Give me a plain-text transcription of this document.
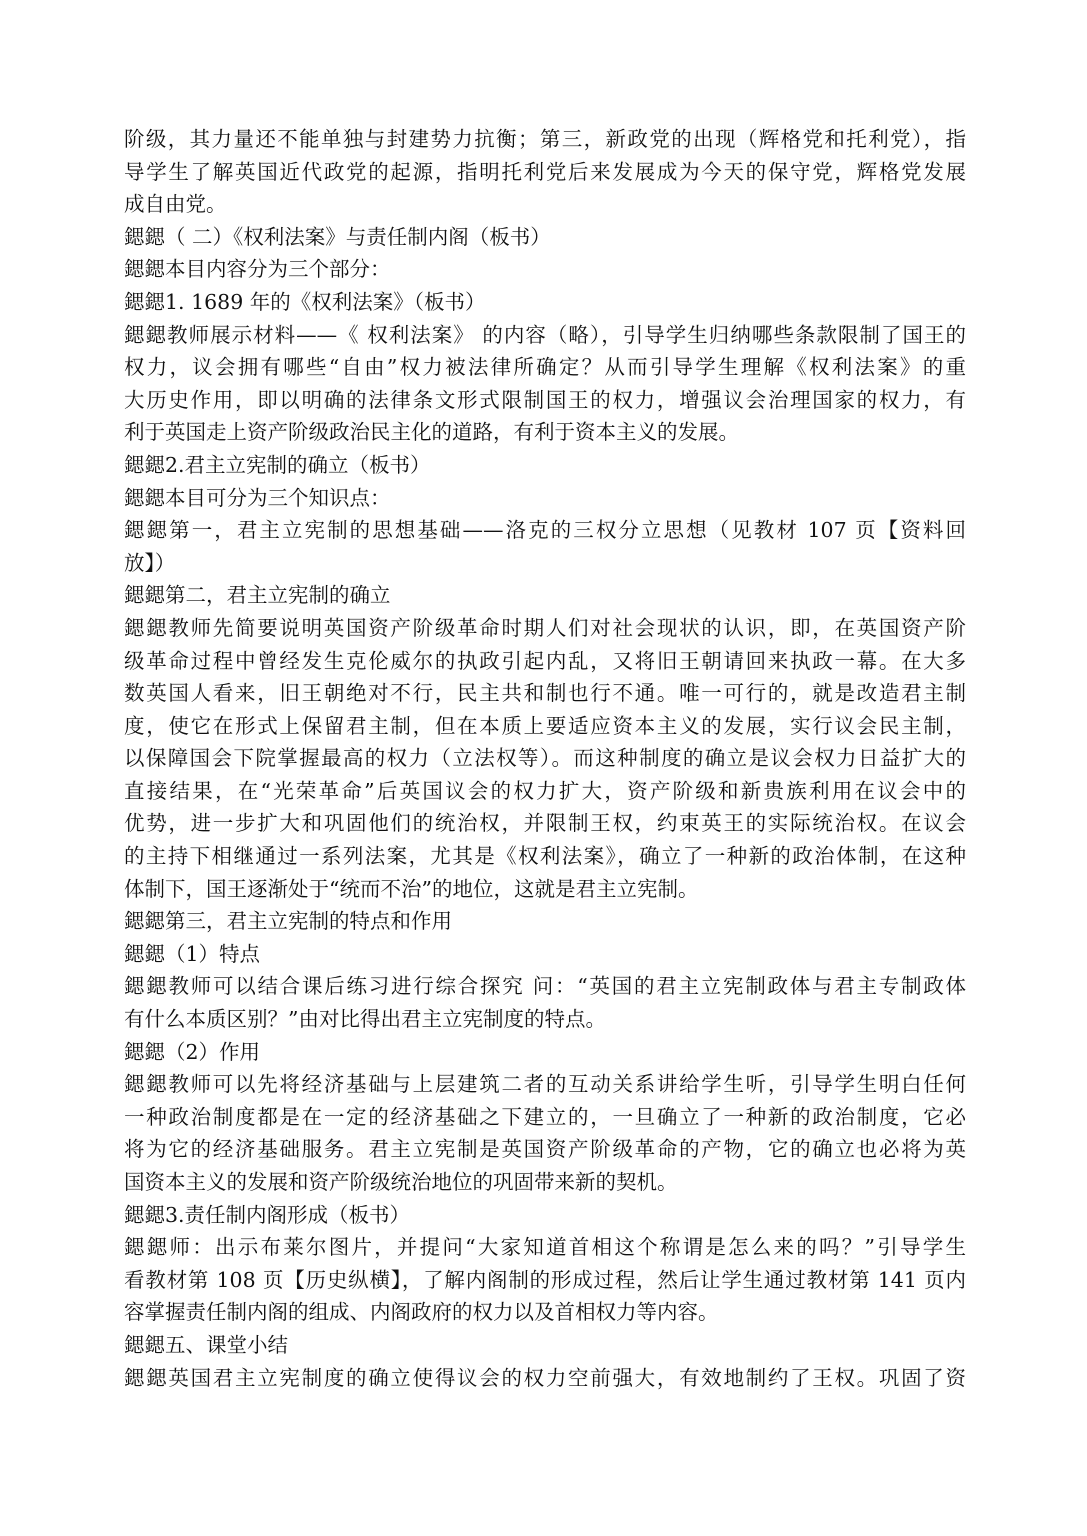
阶级，其力量还不能单独与封建势力抗衡；第三，新政党的出现（辉格党和托利党），指
导学生了解英国近代政党的起源，指明托利党后来发展成为今天的保守党，辉格党发展
成自由党。
鍶鍶（ 二）《权利法案》与责任制内阁（板书）
鍶鍶本目内容分为三个部分：
鍶鍶1. 1689 年的《权利法案》（板书）
鍶鍶教师展示材料——《 权利法案》 的内容（略），引导学生归纳哪些条款限制了国王的
权力，议会拥有哪些“自由”权力被法律所确定？从而引导学生理解《权利法案》的重
大历史作用，即以明确的法律条文形式限制国王的权力，增强议会治理国家的权力，有
利于英国走上资产阶级政治民主化的道路，有利于资本主义的发展。
鍶鍶2.君主立宪制的确立（板书）
鍶鍶本目可分为三个知识点：
鍶鍶第一，君主立宪制的思想基础——洛克的三权分立思想（见教材 107 页【资料回
放】）
鍶鍶第二，君主立宪制的确立
鍶鍶教师先简要说明英国资产阶级革命时期人们对社会现状的认识，即，在英国资产阶
级革命过程中曾经发生克伦威尔的执政引起内乱，又将旧王朝请回来执政一幕。在大多
数英国人看来，旧王朝绝对不行，民主共和制也行不通。唯一可行的，就是改造君主制
度，使它在形式上保留君主制，但在本质上要适应资本主义的发展，实行议会民主制，
以保障国会下院掌握最高的权力（立法权等）。而这种制度的确立是议会权力日益扩大的
直接结果，在“光荣革命”后英国议会的权力扩大，资产阶级和新贵族利用在议会中的
优势，进一步扩大和巩固他们的统治权，并限制王权，约束英王的实际统治权。在议会
的主持下相继通过一系列法案，尤其是《权利法案》，确立了一种新的政治体制，在这种
体制下，国王逐渐处于“统而不治”的地位，这就是君主立宪制。
鍶鍶第三，君主立宪制的特点和作用
鍶鍶（1）特点
鍶鍶教师可以结合课后练习进行综合探究 问：“英国的君主立宪制政体与君主专制政体
有什么本质区别？”由对比得出君主立宪制度的特点。
鍶鍶（2）作用
鍶鍶教师可以先将经济基础与上层建筑二者的互动关系讲给学生听，引导学生明白任何
一种政治制度都是在一定的经济基础之下建立的，一旦确立了一种新的政治制度，它必
将为它的经济基础服务。君主立宪制是英国资产阶级革命的产物，它的确立也必将为英
国资本主义的发展和资产阶级统治地位的巩固带来新的契机。
鍶鍶3.责任制内阁形成（板书）
鍶鍶师：出示布莱尔图片，并提问“大家知道首相这个称谓是怎么来的吗？”引导学生
看教材第 108 页【历史纵横】，了解内阁制的形成过程，然后让学生通过教材第 141 页内
容掌握责任制内阁的组成、内阁政府的权力以及首相权力等内容。
鍶鍶五、课堂小结
鍶鍶英国君主立宪制度的确立使得议会的权力空前强大，有效地制约了王权。巩固了资
